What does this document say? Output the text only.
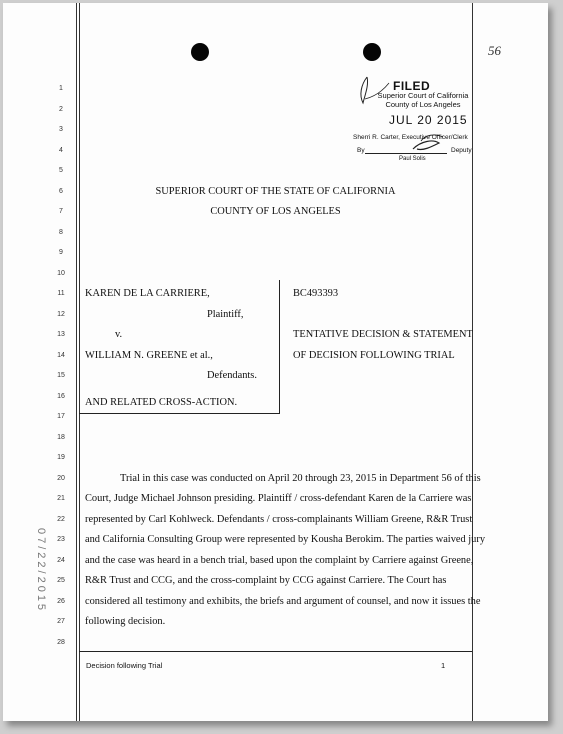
1
2
3
4
5
6
7
8
9
10
11
12
13
14
15
16
17
18
19
20
21
22
23
24
25
26
27
28
FILED
Superior Court of California
County of Los Angeles
JUL 20 2015
Sherri R. Carter, Executive Officer/Clerk
By	Deputy
Paul Solis
56
SUPERIOR COURT OF THE STATE OF CALIFORNIA
COUNTY OF LOS ANGELES
KAREN DE LA CARRIERE,
Plaintiff,
v.
WILLIAM N. GREENE et al.,
Defendants.
AND RELATED CROSS-ACTION.
BC493393
TENTATIVE DECISION & STATEMENT
OF DECISION FOLLOWING TRIAL
Trial in this case was conducted on April 20 through 23, 2015 in Department 56 of this
Court, Judge Michael Johnson presiding. Plaintiff / cross-defendant Karen de la Carriere was
represented by Carl Kohlweck. Defendants / cross-complainants William Greene, R&R Trust
and California Consulting Group were represented by Kousha Berokim. The parties waived jury
and the case was heard in a bench trial, based upon the complaint by Carriere against Greene,
R&R Trust and CCG, and the cross-complaint by CCG against Carriere. The Court has
considered all testimony and exhibits, the briefs and argument of counsel, and now it issues the
following decision.
07/22/2015
Decision following Trial	1
